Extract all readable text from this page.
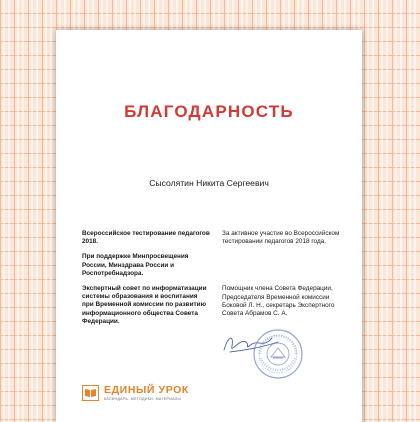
БЛАГОДАРНОСТЬ
Сысолятин Никита Сергеевич

Всероссийское тестирование педагогов 2018.

При поддержке Минпросвещения России, Минздрава России и Роспотребнадзора.

Экспертный совет по информатизации системы образования и воспитания при Временной комиссии по развитию информационного общества Совета Федерации.

За активное участие во Всероссийском тестировании педагогов 2018 года.

Помощник члена Совета Федерации, Председателя Временной комиссии Боковой Л. Н., секретарь Экспертного Совета Абрамов С. А.

ЕДИНЫЙ УРОК
КАЛЕНДАРЬ, МЕТОДИКИ, МАТЕРИАЛЫ
